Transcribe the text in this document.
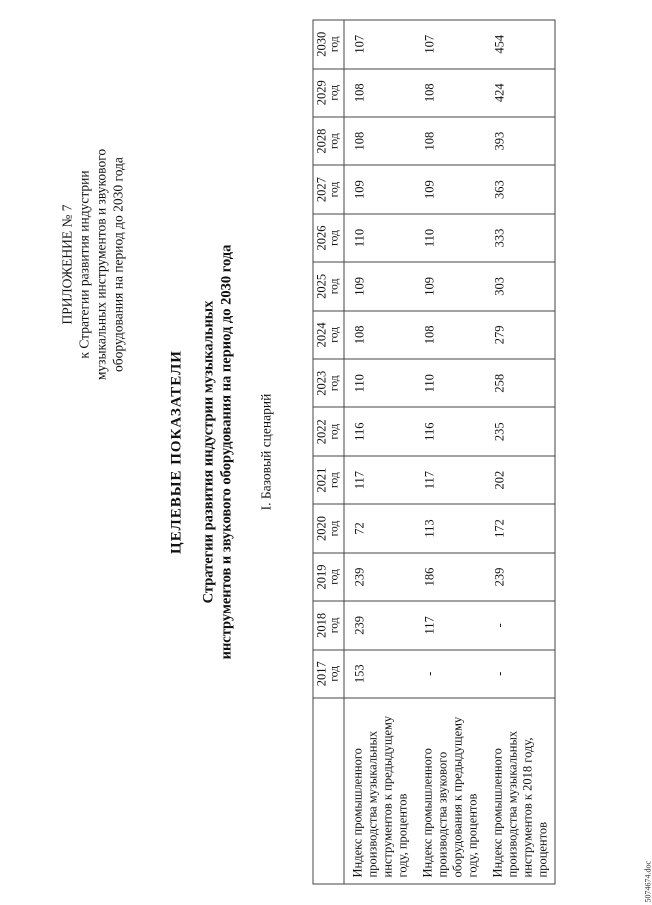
ПРИЛОЖЕНИЕ № 7 к Стратегии развития индустрии музыкальных инструментов и звукового оборудования на период до 2030 года
ЦЕЛЕВЫЕ ПОКАЗАТЕЛИ Стратегии развития индустрии музыкальных инструментов и звукового оборудования на период до 2030 года I. Базовый сценарий

	2017 год	2018 год	2019 год	2020 год	2021 год	2022 год	2023 год	2024 год	2025 год	2026 год	2027 год	2028 год	2029 год	2030 год

Индекс промышленного производства музыкальных инструментов к предыдущему году, процентов	153	239	239	72	117	116	110	108	109	110	109	108	108	107
Индекс промышленного производства звукового оборудования к предыдущему году, процентов	-	117	186	113	117	116	110	108	109	110	109	108	108	107
Индекс промышленного производства музыкальных инструментов к 2018 году, процентов	-	-	239	172	202	235	258	279	303	333	363	393	424	454
5074674.doc
